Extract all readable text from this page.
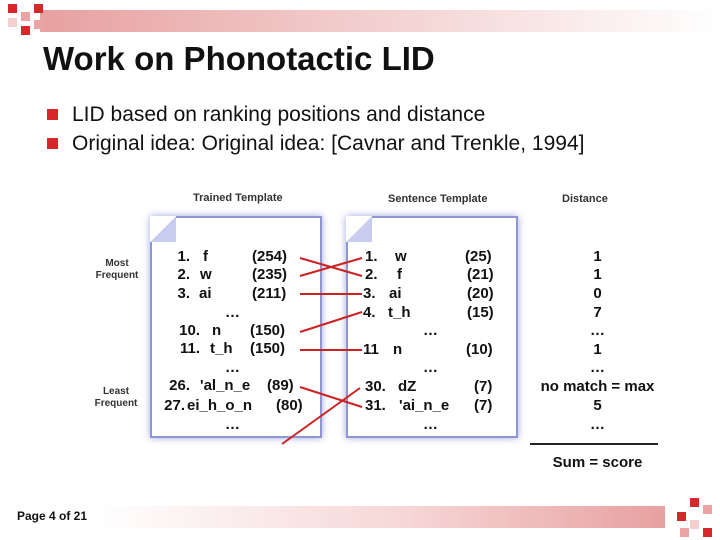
Work on Phonotactic LID
LID based on ranking positions and distance
Original idea: Original idea: [Cavnar and Trenkle, 1994]
Trained Template	Sentence Template	Distance
Most Frequent
Least Frequent
1. f	(254)
2. w	(235)
3. ai	(211)
…
10. n (150)
11. t_h (150)
…
26. 'al_n_e (89)
27. ei_h_o_n (80)
…
1. w	(25)
2. f	(21)
3. ai	(20)
4. t_h	(15)
…
11 n	(10)
…
30. dZ	(7)
31. 'ai_n_e (7)
…
1
1
0
7
…
1
…
no match = max
5
…
Sum = score
Page 4 of 21
